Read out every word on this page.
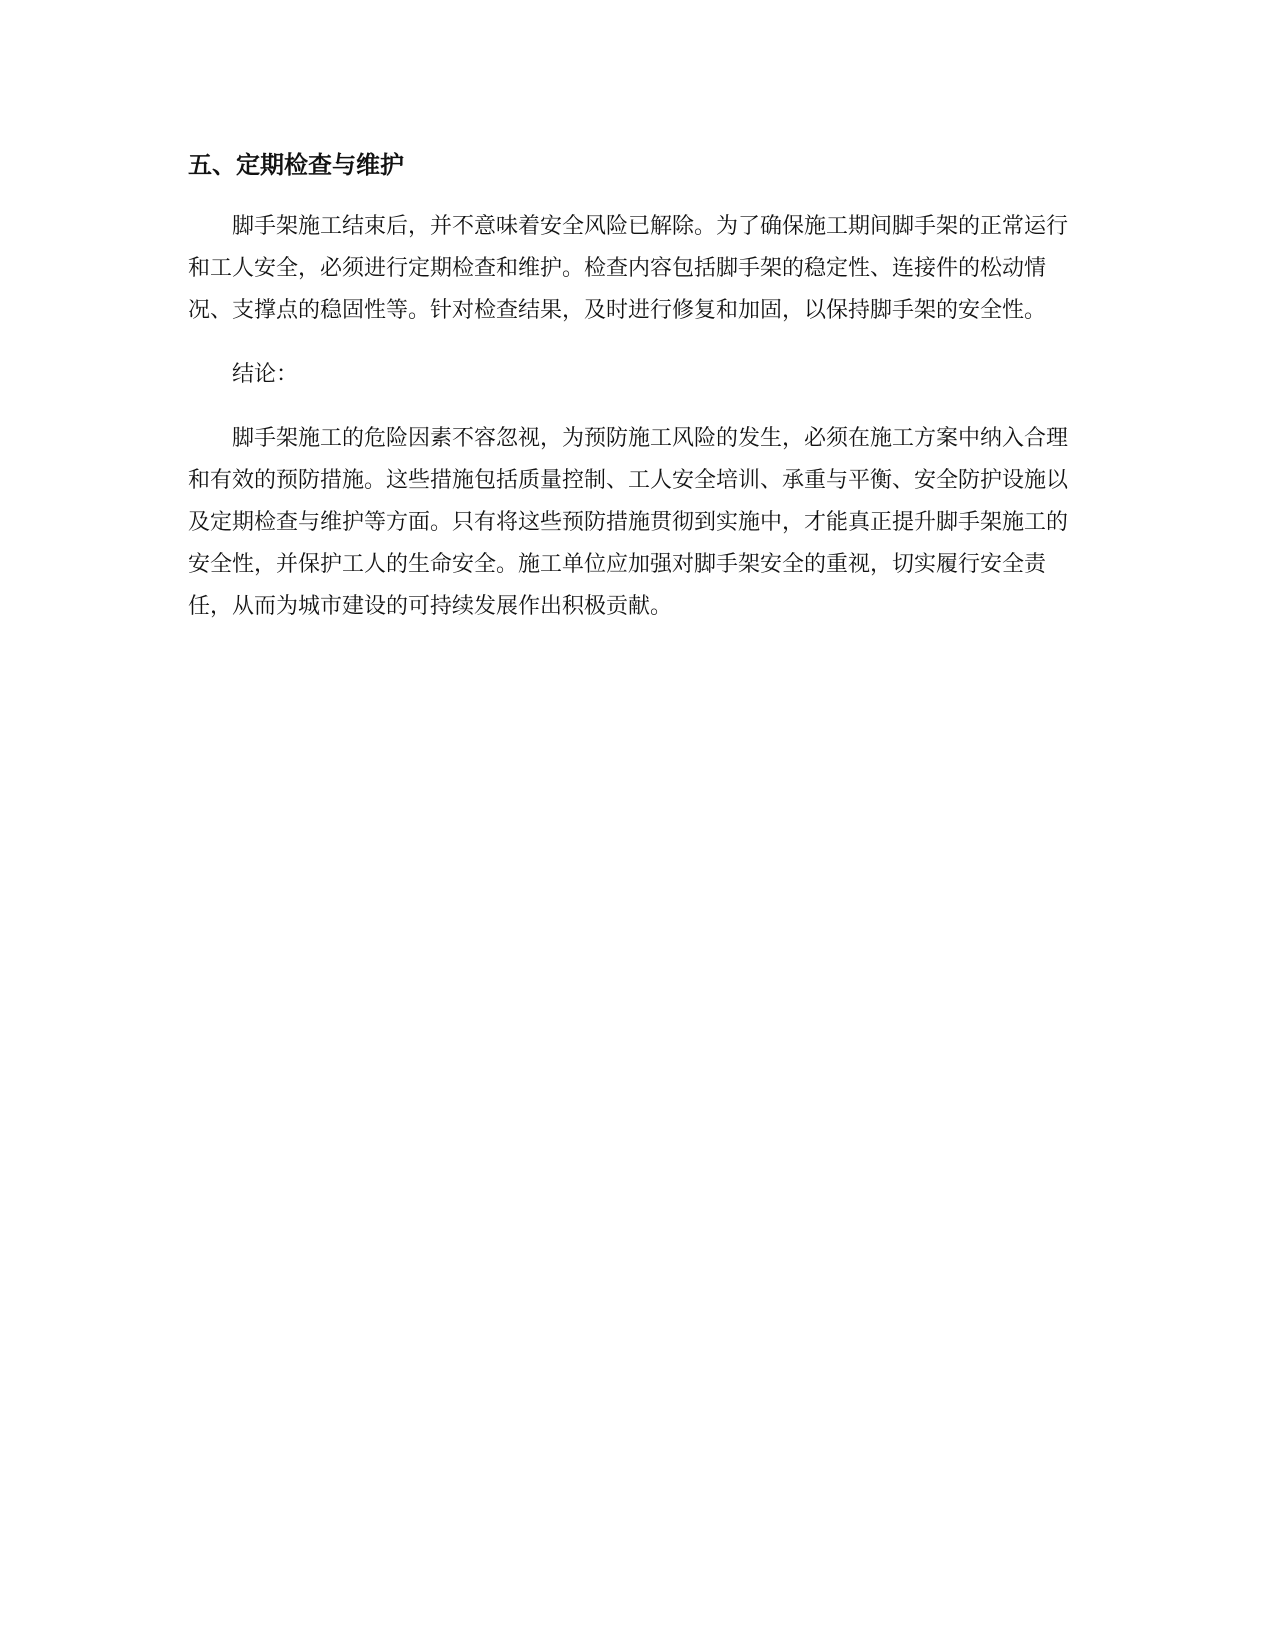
五、定期检查与维护

脚手架施工结束后，并不意味着安全风险已解除。为了确保施工期间脚手架的正常运行和工人安全，必须进行定期检查和维护。检查内容包括脚手架的稳定性、连接件的松动情况、支撑点的稳固性等。针对检查结果，及时进行修复和加固，以保持脚手架的安全性。

结论：

脚手架施工的危险因素不容忽视，为预防施工风险的发生，必须在施工方案中纳入合理和有效的预防措施。这些措施包括质量控制、工人安全培训、承重与平衡、安全防护设施以及定期检查与维护等方面。只有将这些预防措施贯彻到实施中，才能真正提升脚手架施工的安全性，并保护工人的生命安全。施工单位应加强对脚手架安全的重视，切实履行安全责任，从而为城市建设的可持续发展作出积极贡献。
